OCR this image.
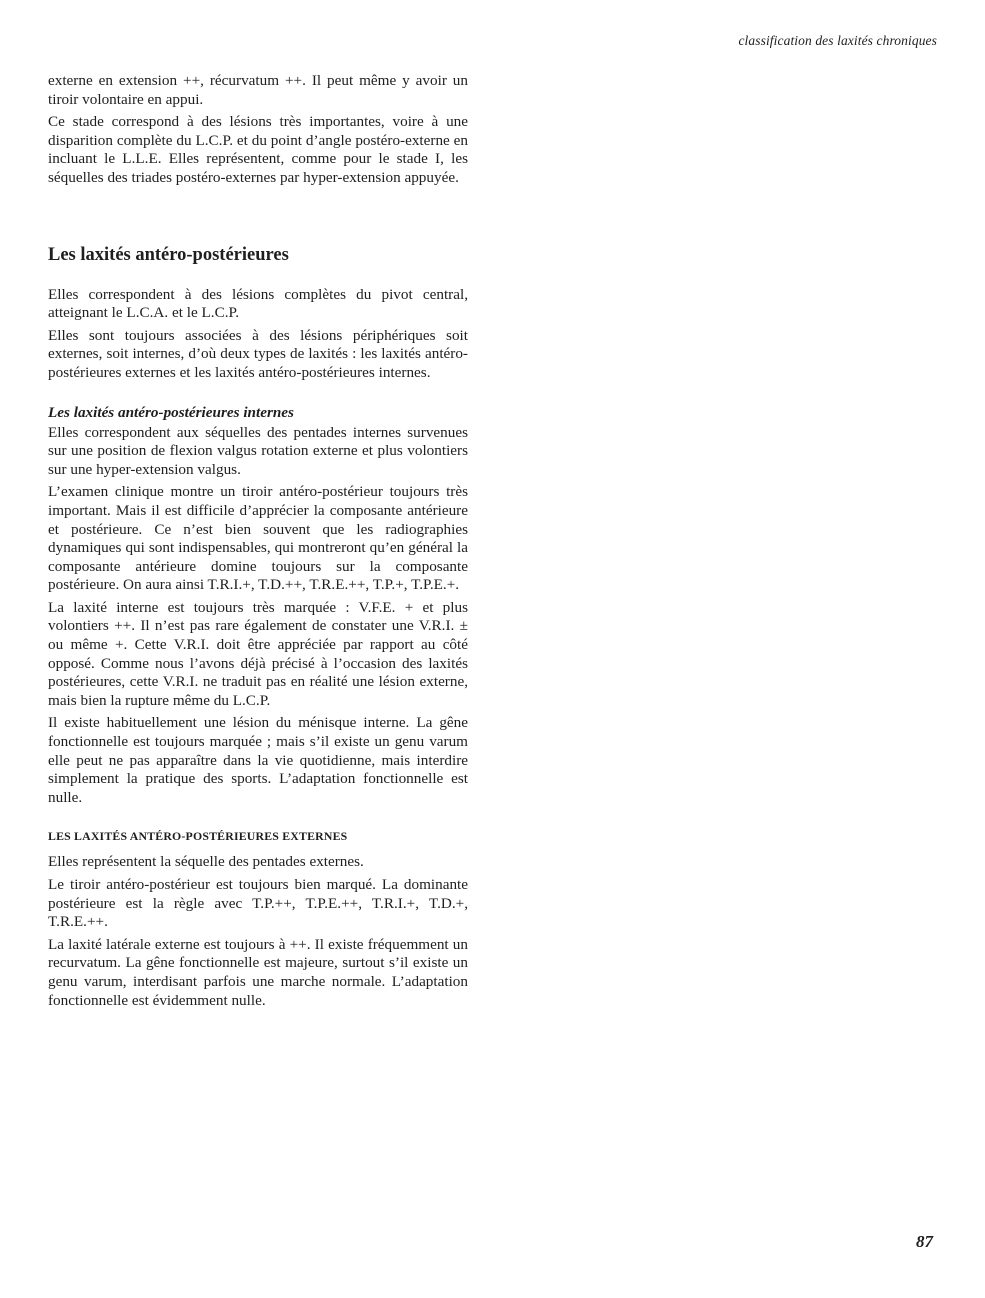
classification des laxités chroniques

externe en extension ++, récurvatum ++. Il peut même y avoir un tiroir volontaire en appui.

Ce stade correspond à des lésions très importantes, voire à une disparition complète du L.C.P. et du point d’angle postéro-externe en incluant le L.L.E. Elles représentent, comme pour le stade I, les séquelles des triades postéro-externes par hyper-extension appuyée.

Les laxités antéro-postérieures

Elles correspondent à des lésions complètes du pivot central, atteignant le L.C.A. et le L.C.P.

Elles sont toujours associées à des lésions périphériques soit externes, soit internes, d’où deux types de laxités : les laxités antéro-postérieures externes et les laxités antéro-postérieures internes.

Les laxités antéro-postérieures internes

Elles correspondent aux séquelles des pentades internes survenues sur une position de flexion valgus rotation externe et plus volontiers sur une hyper-extension valgus.

L’examen clinique montre un tiroir antéro-postérieur toujours très important. Mais il est difficile d’apprécier la composante antérieure et postérieure. Ce n’est bien souvent que les radiographies dynamiques qui sont indispensables, qui montreront qu’en général la composante antérieure domine toujours sur la composante postérieure. On aura ainsi T.R.I.+, T.D.++, T.R.E.++, T.P.+, T.P.E.+.

La laxité interne est toujours très marquée : V.F.E. + et plus volontiers ++. Il n’est pas rare également de constater une V.R.I. ± ou même +. Cette V.R.I. doit être appréciée par rapport au côté opposé. Comme nous l’avons déjà précisé à l’occasion des laxités postérieures, cette V.R.I. ne traduit pas en réalité une lésion externe, mais bien la rupture même du L.C.P.

Il existe habituellement une lésion du ménisque interne. La gêne fonctionnelle est toujours marquée ; mais s’il existe un genu varum elle peut ne pas apparaître dans la vie quotidienne, mais interdire simplement la pratique des sports. L’adaptation fonctionnelle est nulle.

LES LAXITÉS ANTÉRO-POSTÉRIEURES EXTERNES

Elles représentent la séquelle des pentades externes.

Le tiroir antéro-postérieur est toujours bien marqué. La dominante postérieure est la règle avec T.P.++, T.P.E.++, T.R.I.+, T.D.+, T.R.E.++.

La laxité latérale externe est toujours à ++. Il existe fréquemment un recurvatum. La gêne fonctionnelle est majeure, surtout s’il existe un genu varum, interdisant parfois une marche normale. L’adaptation fonctionnelle est évidemment nulle.

87
